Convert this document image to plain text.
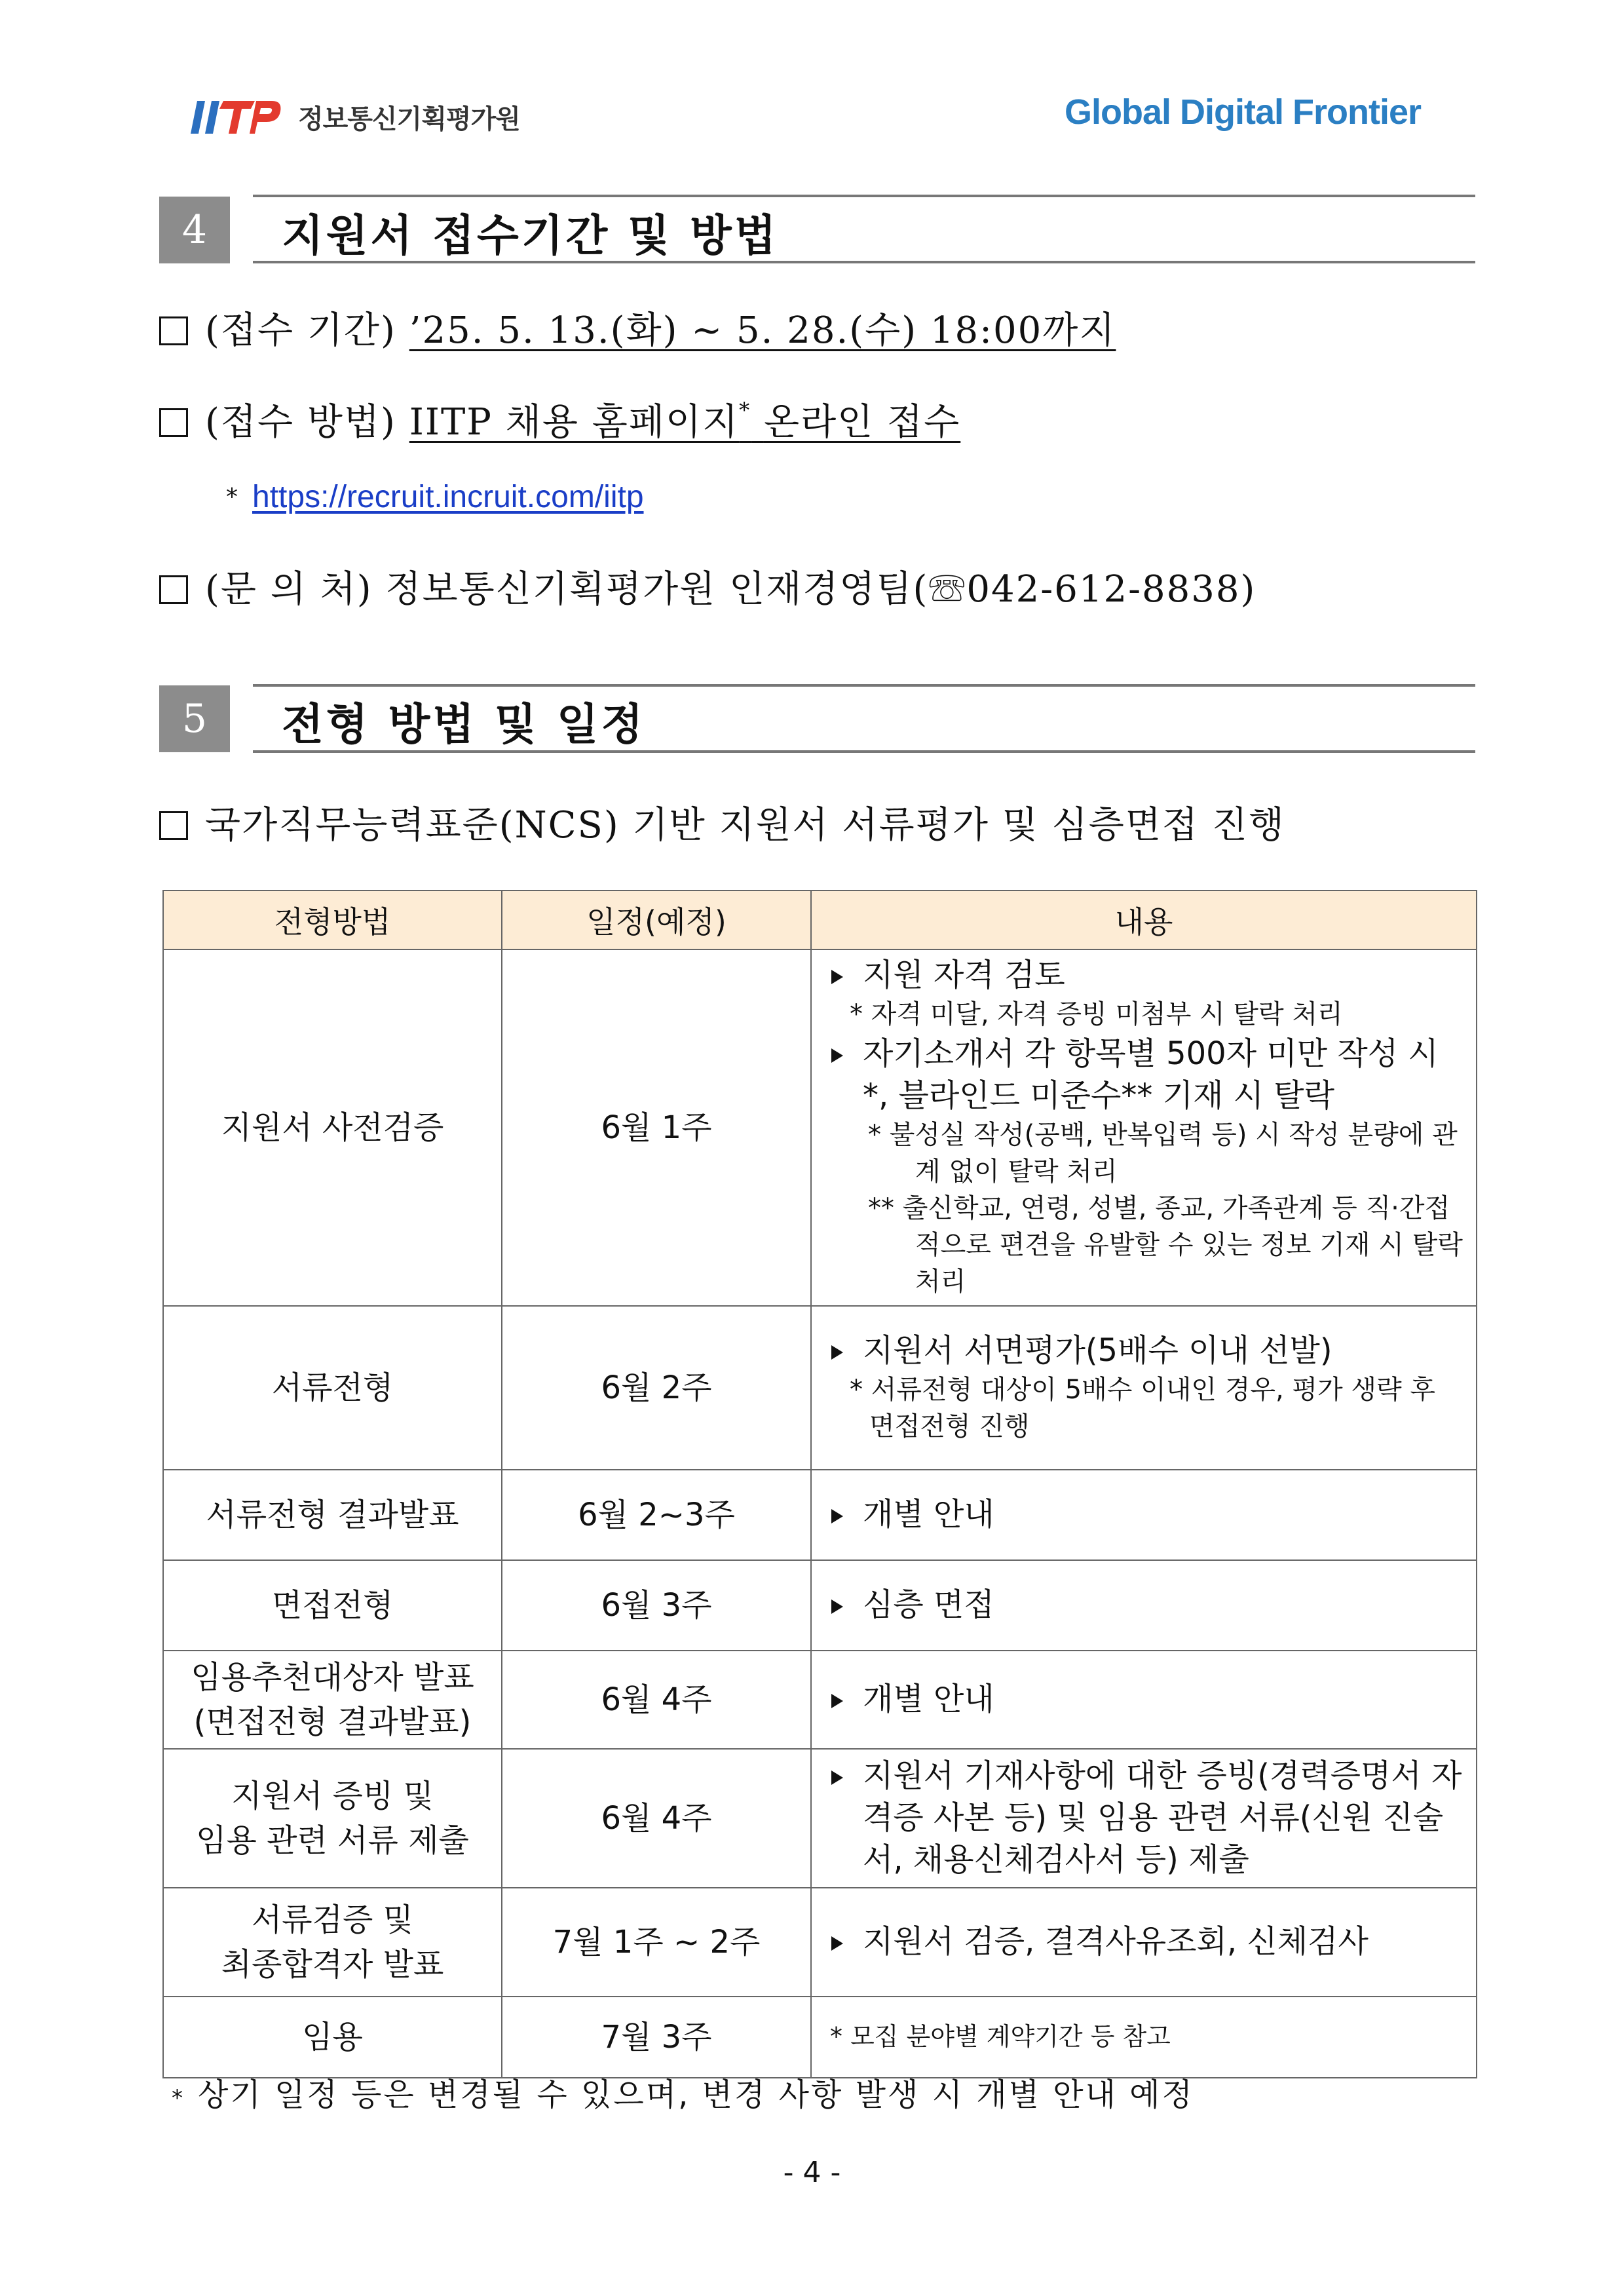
IITP
정보통신기획평가원	Global Digital Frontier
4	지원서 접수기간 및 방법
(접수 기간) ’25. 5. 13.(화) ~ 5. 28.(수) 18:00까지
(접수 방법) IITP 채용 홈페이지* 온라인 접수
* https://recruit.incruit.com/iitp
(문 의 처) 정보통신기획평가원 인재경영팀(☏042-612-8838)
5	전형 방법 및 일정
국가직무능력표준(NCS) 기반 지원서 서류평가 및 심층면접 진행
전형방법	일정(예정)	내용
지원서 사전검증	6월 1주	지원 자격 검토
* 자격 미달, 자격 증빙 미첨부 시 탈락 처리
자기소개서 각 항목별 500자 미만 작성 시*, 블라인드 미준수** 기재 시 탈락
* 불성실 작성(공백, 반복입력 등) 시 작성 분량에 관계 없이 탈락 처리
** 출신학교, 연령, 성별, 종교, 가족관계 등 직·간접적으로 편견을 유발할 수 있는 정보 기재 시 탈락 처리

서류전형	6월 2주	지원서 서면평가(5배수 이내 선발)
* 서류전형 대상이 5배수 이내인 경우, 평가 생략 후 면접전형 진행

서류전형 결과발표	6월 2~3주	개별 안내

면접전형	6월 3주	심층 면접

임용추천대상자 발표
(면접전형 결과발표)	6월 4주	개별 안내

지원서 증빙 및
임용 관련 서류 제출	6월 4주	지원서 기재사항에 대한 증빙(경력증명서 자격증 사본 등) 및 임용 관련 서류(신원 진술서, 채용신체검사서 등) 제출

서류검증 및
최종합격자 발표	7월 1주 ~ 2주	지원서 검증, 결격사유조회, 신체검사

임용	7월 3주	* 모집 분야별 계약기간 등 참고
* 상기 일정 등은 변경될 수 있으며, 변경 사항 발생 시 개별 안내 예정
- 4 -
